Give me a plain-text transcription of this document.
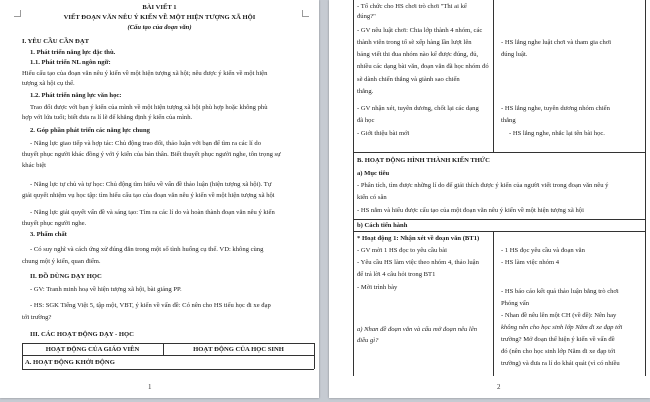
BÀI VIẾT 1
VIẾT ĐOẠN VĂN NÊU Ý KIẾN VỀ MỘT HIỆN TƯỢNG XÃ HỘI
(Cấu tạo của đoạn văn)
I. YÊU CẦU CẦN ĐẠT
1. Phát triển năng lực đặc thù.
1.1. Phát triển NL ngôn ngữ:
Hiểu cấu tạo của đoạn văn nêu ý kiến về một hiện tượng xã hội; nêu được ý kiến về một hiện
tượng xã hội cụ thể.
1.2. Phát triển năng lực văn học:
Trao đổi được với bạn ý kiến của mình về một hiện tượng xã hội phù hợp hoặc không phù
hợp với lứa tuổi; biết đưa ra lí lẽ để khẳng định ý kiến của mình.
2. Góp phần phát triển các năng lực chung
- Năng lực giao tiếp và hợp tác: Chủ động trao đổi, thảo luận với bạn để tìm ra các lí do
thuyết phục người khác đồng ý với ý kiến của bản thân. Biết thuyết phục người nghe, tôn trọng sự
khác biệt
- Năng lực tự chủ và tự học: Chủ động tìm hiểu về vấn đề thảo luận (hiện tượng xã hội). Tự
giải quyết nhiệm vụ học tập: tìm hiểu cấu tạo của đoạn văn nêu ý kiến về một hiện tượng xã hội
- Năng lực giải quyết vấn đề và sáng tạo: Tìm ra các lí do và hoàn thành đoạn văn nêu ý kiến
thuyết phục người nghe.
3. Phẩm chất
- Có suy nghĩ và cách ứng xử đúng đắn trong một số tình huống cụ thể. VD: không cùng
chung một ý kiến, quan điểm.
II. ĐỒ DÙNG DẠY HỌC
- GV: Tranh minh hoạ về hiện tượng xã hội, bài giảng PP.
- HS: SGK Tiếng Việt 5, tập một, VBT, ý kiến về vấn đề: Có nên cho HS tiểu học đi xe đạp
tới trường?
III. CÁC HOẠT ĐỘNG DẠY - HỌC
HOẠT ĐỘNG CỦA GIÁO VIÊN	HOẠT ĐỘNG CỦA HỌC SINH
A. HOẠT ĐỘNG KHỞI ĐỘNG
1
- Tổ chức cho HS chơi trò chơi "Thi ai kể
đúng?"
- GV nêu luật chơi: Chia lớp thành 4 nhóm, các
thành viên trong tổ sẽ xếp hàng lần lượt lên
bảng viết thi đua nhóm nào kể được đúng, đủ,
nhiều các dạng bài văn, đoạn văn đã học nhóm đó
sẽ dành chiến thắng và giành sao chiến
thắng.
- GV nhận xét, tuyên dương, chốt lại các dạng
đã học
- Giới thiệu bài mới
- HS lắng nghe luật chơi và tham gia chơi
đúng luật.
- HS lắng nghe, tuyên dương nhóm chiến
thắng
- HS lắng nghe, nhắc lại tên bài học.
B. HOẠT ĐỘNG HÌNH THÀNH KIẾN THỨC
a) Mục tiêu
- Phân tích, tìm được những lí do để giải thích được ý kiến của người viết trong đoạn văn nêu ý
kiến có sẵn
- HS nắm và hiểu được cấu tạo của một đoạn văn nêu ý kiến về một hiện tượng xã hội
b) Cách tiến hành
* Hoạt động 1: Nhận xét về đoạn văn (BT1)
- GV mời 1 HS đọc to yêu cầu bài
- Yêu cầu HS làm việc theo nhóm 4, thảo luận
để trả lời 4 câu hỏi trong BT1
- Mời trình bày
a) Nhan đề đoạn văn và cấu mở đoạn nêu lên
điều gì?
- 1 HS đọc yêu cầu và đoạn văn
- HS làm việc nhóm 4
- HS báo cáo kết quả thảo luận bằng trò chơi
Phỏng vấn
- Nhan đề nêu lên một CH (về đề): Nên hay
không nên cho học sinh lớp Năm đi xe đạp tới
trường? Mở đoạn thể hiện ý kiến về vấn đề
đó (nên cho học sinh lớp Năm đi xe đạp tới
trường) và đưa ra lí do khái quát (vì có nhiều
2
